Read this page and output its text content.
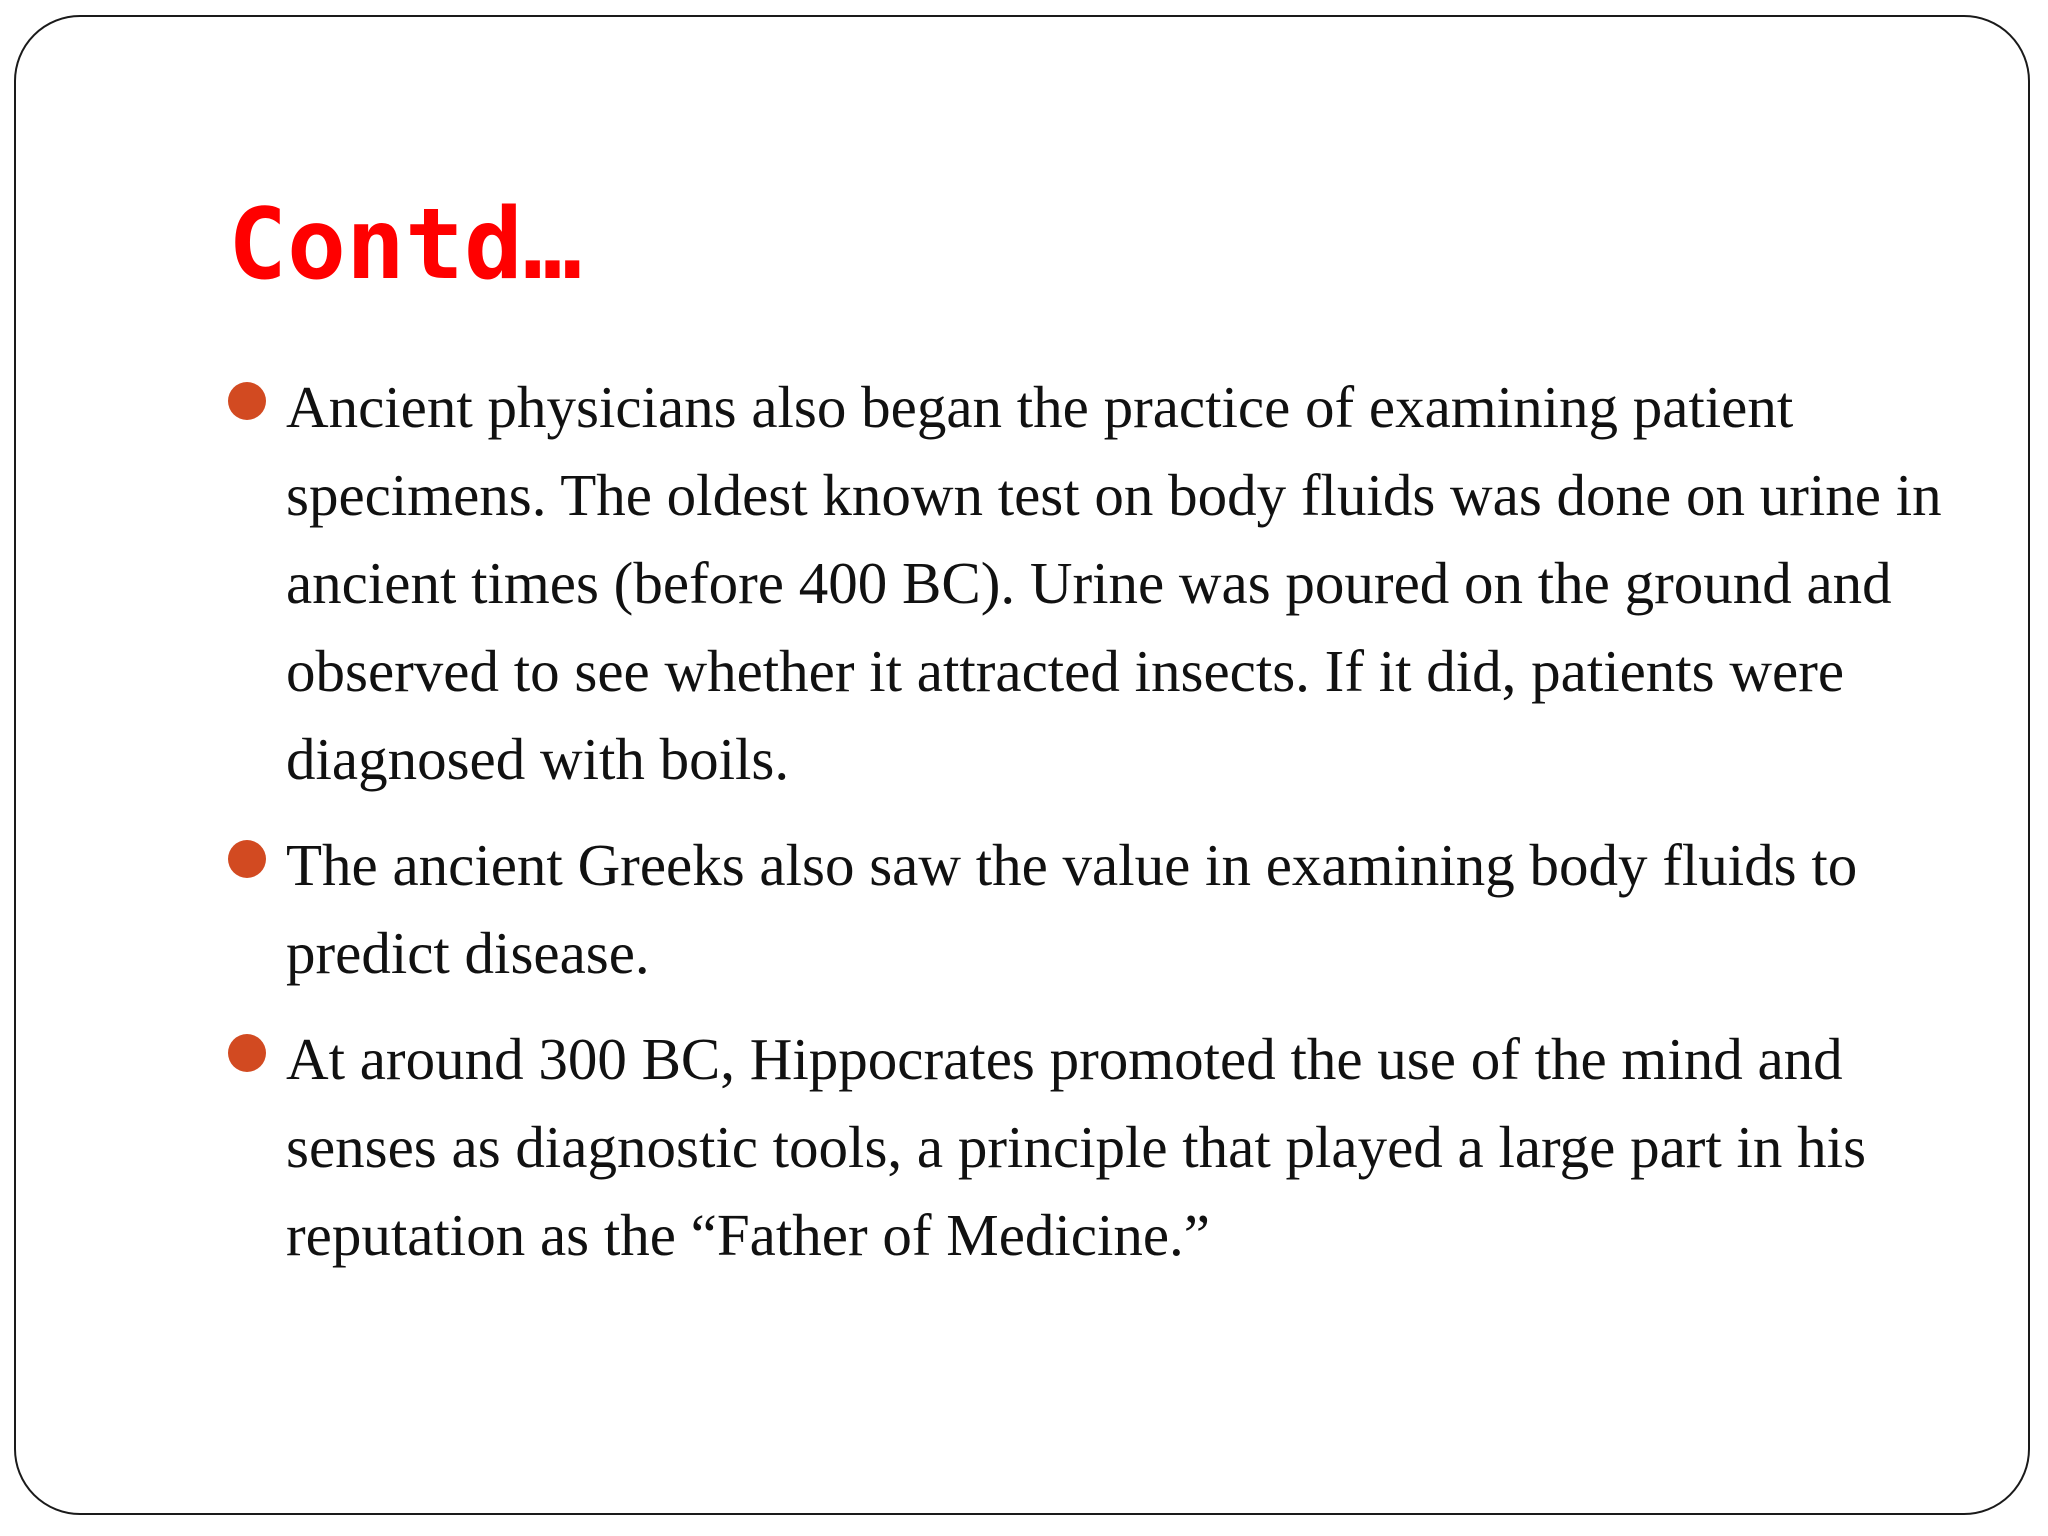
Contd…
Ancient physicians also began the practice of examining patient specimens. The oldest known test on body fluids was done on urine in ancient times (before 400 BC). Urine was poured on the ground and observed to see whether it attracted insects. If it did, patients were diagnosed with boils.
The ancient Greeks also saw the value in examining body fluids to predict disease.
At around 300 BC, Hippocrates promoted the use of the mind and senses as diagnostic tools, a principle that played a large part in his reputation as the “Father of Medicine.”
